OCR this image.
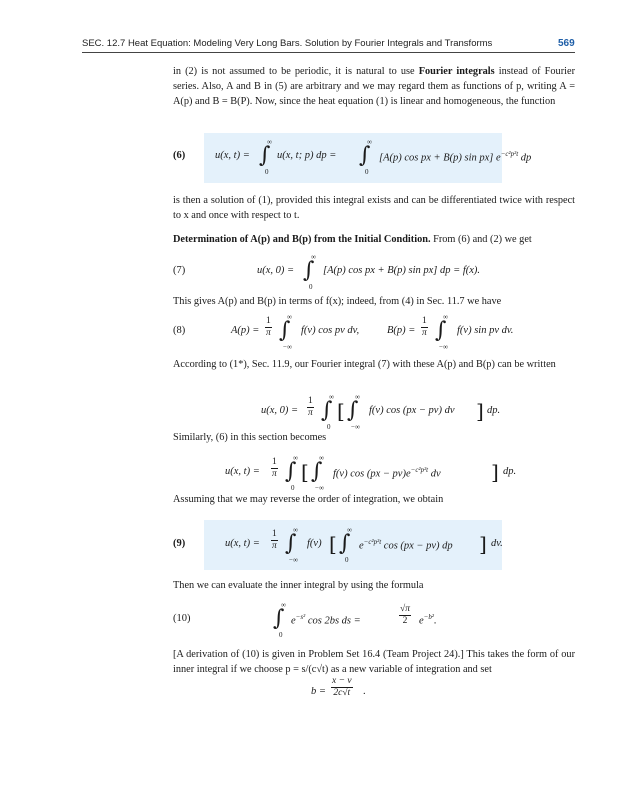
SEC. 12.7 Heat Equation: Modeling Very Long Bars. Solution by Fourier Integrals and Transforms	569

in (2) is not assumed to be periodic, it is natural to use Fourier integrals instead of Fourier series. Also, A and B in (5) are arbitrary and we may regard them as functions of p, writing A = A(p) and B = B(P). Now, since the heat equation (1) is linear and homogeneous, the function

(6)	u(x, t) = ∫
∞
0
u(x, t; p) dp = ∫
∞
0
[A(p) cos px + B(p) sin px] $e^{-c^2p^2t}$ dp

is then a solution of (1), provided this integral exists and can be differentiated twice with respect to x and once with respect to t.

Determination of A(p) and B(p) from the Initial Condition. From (6) and (2) we get

(7)	u(x, 0) = ∫
∞
0
[A(p) cos px + B(p) sin px] dp = f(x).

This gives A(p) and B(p) in terms of f(x); indeed, from (4) in Sec. 11.7 we have

(8)	$A(p) = \frac{1}{\pi}$ ∫
∞
−∞
f(v) cos pv dv,	$B(p) = \frac{1}{\pi}$ ∫
∞
−∞
f(v) sin pv dv.

According to (1*), Sec. 11.9, our Fourier integral (7) with these A(p) and B(p) can be written

u(x, $0) = \frac{1}{\pi}$ ∫
∞
0
[ ∫
∞
−∞
f(v) cos (px − pv) dv ] dp.

Similarly, (6) in this section becomes

u(x, $t) = \frac{1}{\pi}$ ∫
∞
0
[ ∫
∞
−∞
f(v) $\cos (px - pv)e^{-c^2p^2t}$ dv	] dp.

Assuming that we may reverse the order of integration, we obtain

(9)	u(x, $t) = \frac{1}{\pi}$ ∫
∞
−∞
f(v) [ ∫
∞
0
$e^{-c^2p^2t}$ cos (px − pv) dp ] dv.

Then we can evaluate the inner integral by using the formula

(10)	∫
∞
0
$e^{-s^2}$ cos 2bs ds =	$\frac{√\pi}{2} e^{-b^2}$.

[A derivation of (10) is given in Problem Set 16.4 (Team Project 24).] This takes the form of our inner integral if we choose p = s/(c√t) as a new variable of integration and set

$b = \frac{x - v}{2c√t}$ .
